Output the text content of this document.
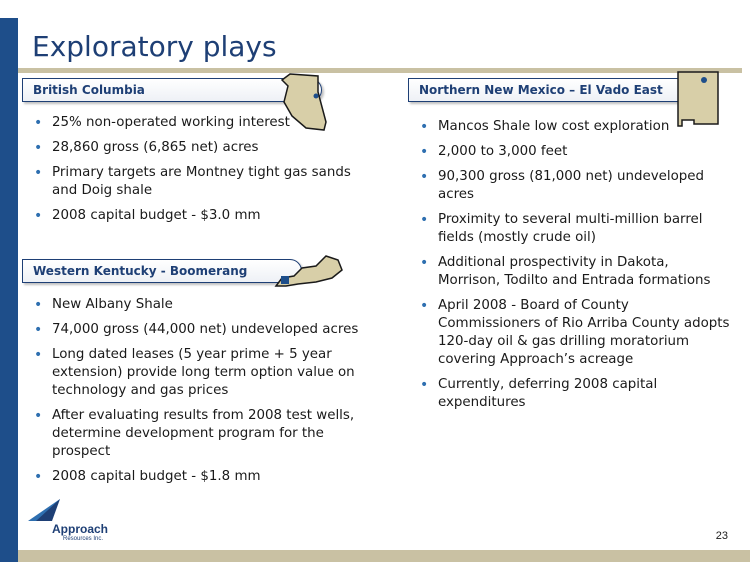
Exploratory plays
British Columbia
• 25% non-operated working interest
• 28,860 gross (6,865 net) acres
• Primary targets are Montney tight gas sands and Doig shale
• 2008 capital budget - $3.0 mm
Western Kentucky - Boomerang
• New Albany Shale
• 74,000 gross (44,000 net) undeveloped acres
• Long dated leases (5 year prime + 5 year extension) provide long term option value on technology and gas prices
• After evaluating results from 2008 test wells, determine development program for the prospect
• 2008 capital budget - $1.8 mm
Northern New Mexico – El Vado East
• Mancos Shale low cost exploration
• 2,000 to 3,000 feet
• 90,300 gross (81,000 net) undeveloped acres
• Proximity to several multi-million barrel fields (mostly crude oil)
• Additional prospectivity in Dakota, Morrison, Todilto and Entrada formations
• April 2008 - Board of County Commissioners of Rio Arriba County adopts 120-day oil & gas drilling moratorium covering Approach’s acreage
• Currently, deferring 2008 capital expenditures
Approach
Resources Inc.	23
